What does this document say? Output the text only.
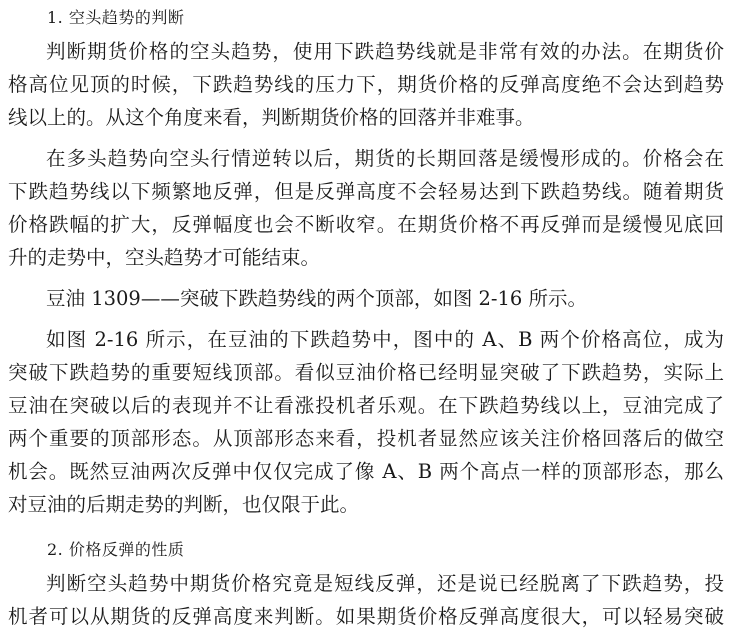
1. 空头趋势的判断
判断期货价格的空头趋势，使用下跌趋势线就是非常有效的办法。在期货价
格高位见顶的时候，下跌趋势线的压力下，期货价格的反弹高度绝不会达到趋势
线以上的。从这个角度来看，判断期货价格的回落并非难事。
在多头趋势向空头行情逆转以后，期货的长期回落是缓慢形成的。价格会在
下跌趋势线以下频繁地反弹，但是反弹高度不会轻易达到下跌趋势线。随着期货
价格跌幅的扩大，反弹幅度也会不断收窄。在期货价格不再反弹而是缓慢见底回
升的走势中，空头趋势才可能结束。
豆油 1309——突破下跌趋势线的两个顶部，如图 2-16 所示。
如图 2-16 所示，在豆油的下跌趋势中，图中的 A、B 两个价格高位，成为
突破下跌趋势的重要短线顶部。看似豆油价格已经明显突破了下跌趋势，实际上
豆油在突破以后的表现并不让看涨投机者乐观。在下跌趋势线以上，豆油完成了
两个重要的顶部形态。从顶部形态来看，投机者显然应该关注价格回落后的做空
机会。既然豆油两次反弹中仅仅完成了像 A、B 两个高点一样的顶部形态，那么
对豆油的后期走势的判断，也仅限于此。
2. 价格反弹的性质
判断空头趋势中期货价格究竟是短线反弹，还是说已经脱离了下跌趋势，投
机者可以从期货的反弹高度来判断。如果期货价格反弹高度很大，可以轻易突破
